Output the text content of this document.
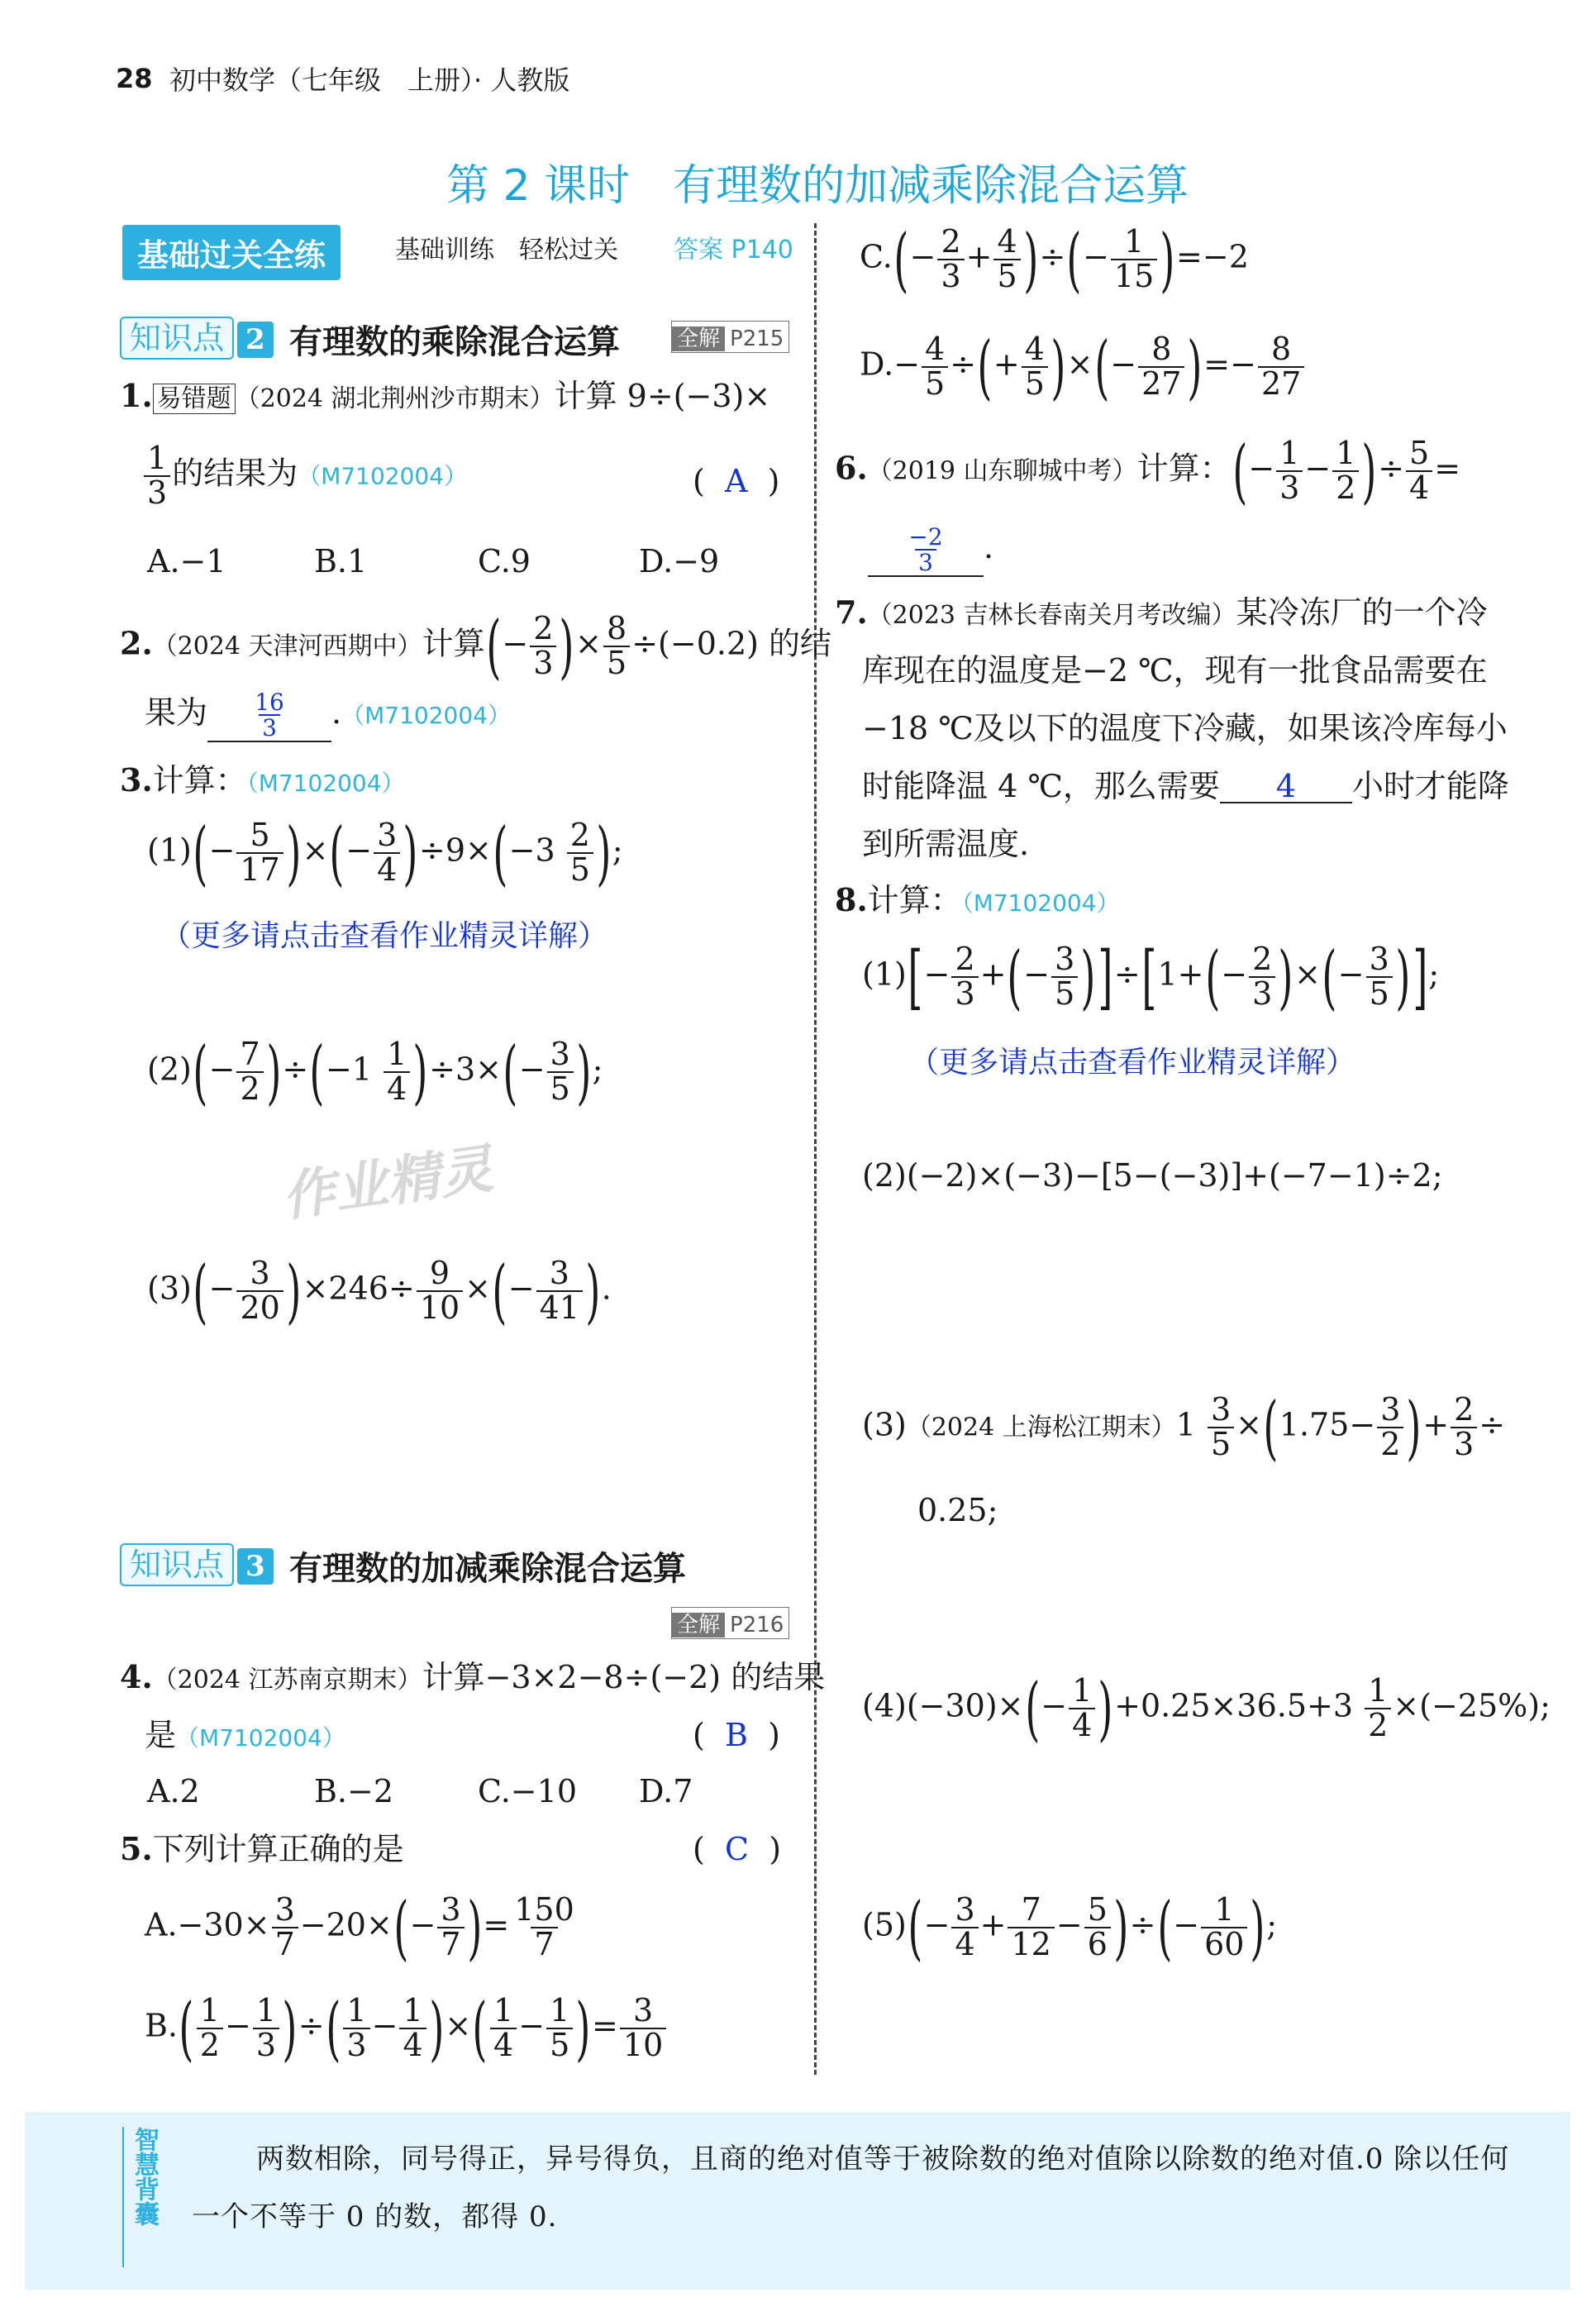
28 初中数学（七年级　上册）· 人教版
第 2 课时　有理数的加减乘除混合运算
基础过关全练	基础训练 轻松过关 答案 P140
知识点 2 有理数的乘除混合运算	全解 P215
1. 易错题 （2024 湖北荆州沙市期末）计算 9÷(−3)×
$\frac{1}{3}$ 的结果为（M7102004）	(  A  )
A.−1	B.1	C.9	D.−9
2.（2024 天津河西期中）计算(− $\frac{2}{3}$ )× $\frac{8}{5} \div(-0.2)$ 的结
果为 $\frac{16}{3} .(M7102004)$
3.计算：（M7102004）
$(1)(- \frac{5}{17}$ )×(− $\frac{3}{4} )\div 9\times(-3 \frac{2}{5}$ );
（更多请点击查看作业精灵详解）
$(2)(- \frac{7}{2} )\div(-1 \frac{1}{4} )\div 3\times(- \frac{3}{5}$ );
作业精灵
$(3)(- \frac{3}{20} )\times 246\div \frac{9}{10}$ ×(− $\frac{3}{41}$ ).
知识点 3 有理数的加减乘除混合运算
全解 P216
4.（2024 江苏南京期末）计算−3×2−8÷(−2) 的结果
是（M7102004）	(  B  )
A.2	B.−2	C.−10 D.7
5.下列计算正确的是	(  C  )
$A.-30\times \frac{3}{7} -20\times(- \frac{3}{7}$ )= $\frac{150}{7}$
$B.( \frac{1}{2} - \frac{1}{3}$ )÷( $\frac{1}{3} - \frac{1}{4}$ )×( $\frac{1}{4} - \frac{1}{5}$ )= $\frac{3}{10}$
$C.(- \frac{2}{3} + \frac{4}{5}$ )÷(− $\frac{1}{15} )=-2$
$D.- \frac{4}{5}$ ÷(+ $\frac{4}{5}$ )×(− $\frac{8}{27}$ )=− $\frac{8}{27}$
6.（2019 山东聊城中考）计算：(− $\frac{1}{3} - \frac{1}{2}$ )÷ $\frac{5}{4}$ =
$\frac{-2}{3}$ .
7.（2023 吉林长春南关月考改编）某冷冻厂的一个冷
库现在的温度是−2 ℃，现有一批食品需要在
−18 ℃及以下的温度下冷藏，如果该冷库每小
时能降温 4 ℃，那么需要 4 小时才能降
到所需温度.
8.计算：（M7102004）
$(1)[- \frac{2}{3}$ +(− $\frac{3}{5} )]\div[1+(- \frac{2}{3}$ )×(− $\frac{3}{5}$ )];
（更多请点击查看作业精灵详解）
(2)(−2)×(−3)−[5−(−3)]+(−7−1)÷2;
(3)（2024 上海松江期末）$1 \frac{3}{5} \times(1.75- \frac{3}{2}$ )+ $\frac{2}{3}$ ÷
0.25;
$(4)(-30)\times(- \frac{1}{4} )+0.25\times 36.5+3 \frac{1}{2} \times(-25\%)$;
$(5)(- \frac{3}{4} + \frac{7}{12} - \frac{5}{6}$ )÷(− $\frac{1}{60}$ );
智慧背囊	两数相除，同号得正，异号得负，且商的绝对值等于被除数的绝对值除以除数的绝对值.0 除以任何
一个不等于 0 的数，都得 0.
